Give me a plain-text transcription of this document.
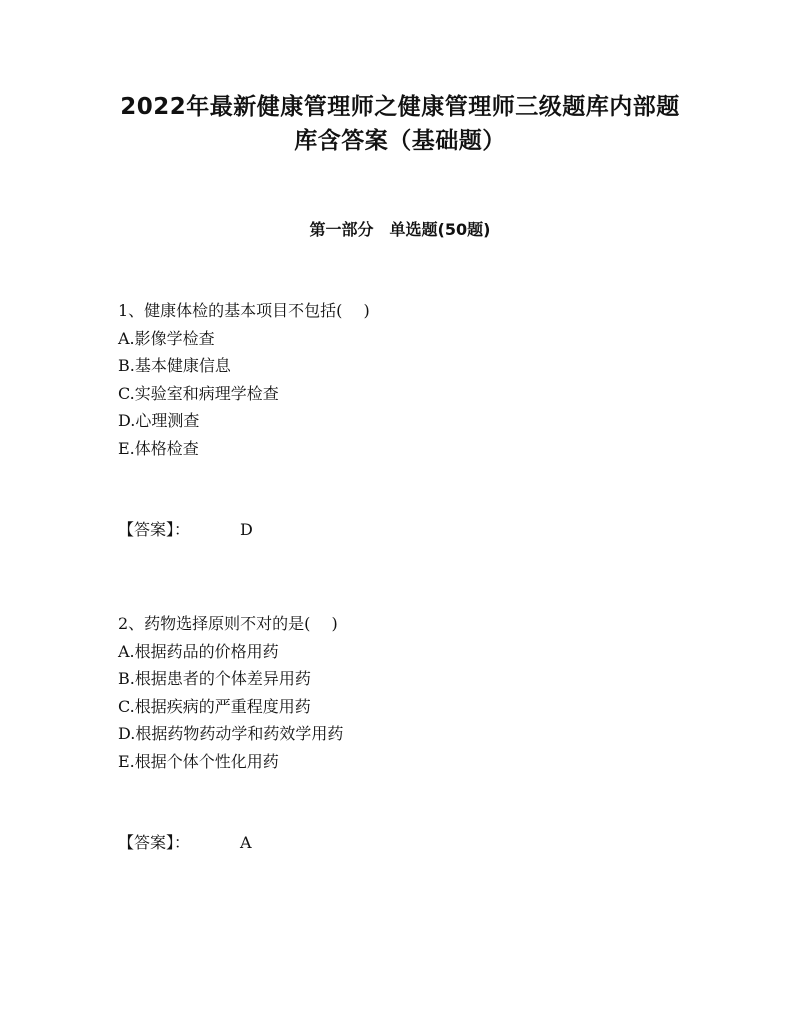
2022年最新健康管理师之健康管理师三级题库内部题
库含答案（基础题）
第一部分　单选题(50题)
1、健康体检的基本项目不包括(　 )
A.影像学检查
B.基本健康信息
C.实验室和病理学检查
D.心理测查
E.体格检查
【答案】：	D
2、药物选择原则不对的是(　 )
A.根据药品的价格用药
B.根据患者的个体差异用药
C.根据疾病的严重程度用药
D.根据药物药动学和药效学用药
E.根据个体个性化用药
【答案】：	A
